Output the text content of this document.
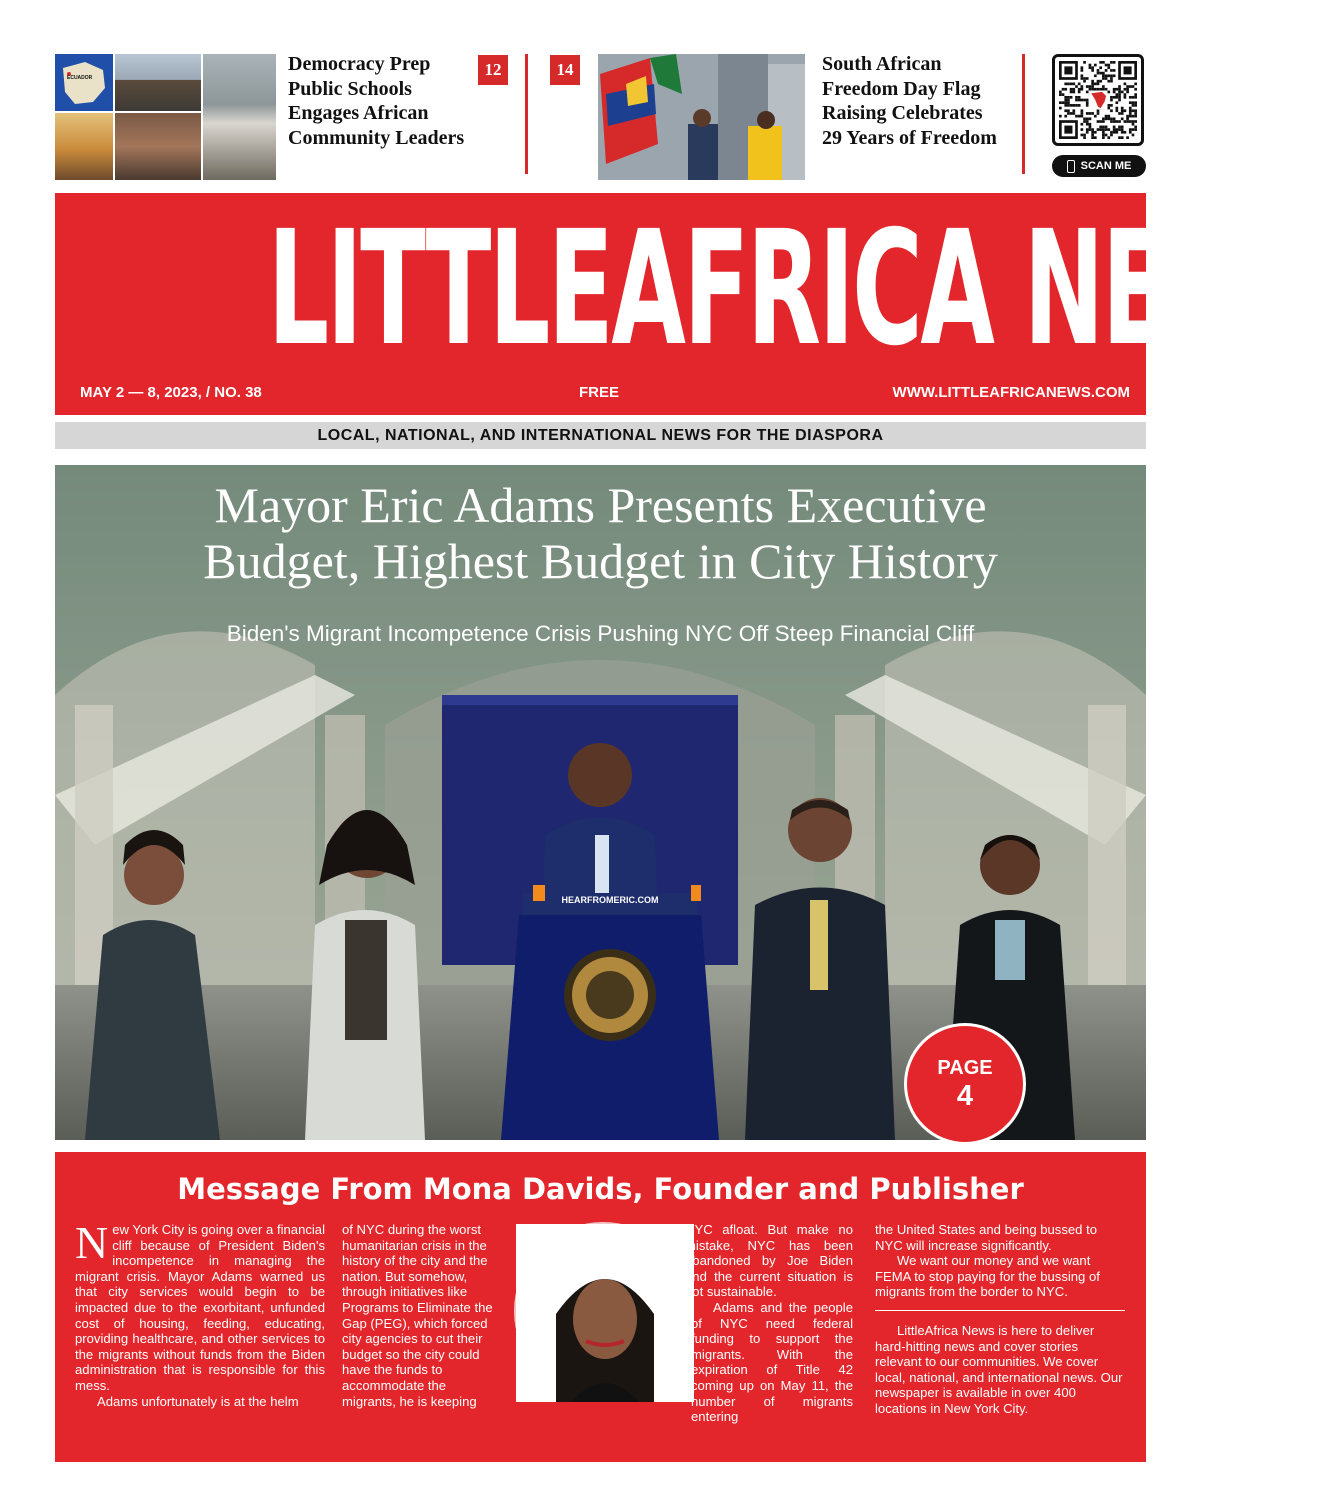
ECUADOR
Democracy Prep
Public Schools
Engages African
Community Leaders
12	14	South African
Freedom Day Flag
Raising Celebrates
29 Years of Freedom
SCAN ME
LITTLEAFRICA NEWS
MAY 2 — 8, 2023, / NO. 38	FREE	WWW.LITTLEAFRICANEWS.COM
LOCAL, NATIONAL, AND INTERNATIONAL NEWS FOR THE DIASPORA
HEARFROMERIC.COM
Mayor Eric Adams Presents Executive
Budget, Highest Budget in City History
Biden's Migrant Incompetence Crisis Pushing NYC Off Steep Financial Cliff
PAGE
4
Message From Mona Davids, Founder and Publisher

New York City is going over a financial cliff because of President Biden's incompetence in managing the migrant crisis. Mayor Adams warned us that city services would begin to be impacted due to the exorbitant, unfunded cost of housing, feeding, educating, providing healthcare, and other services to the migrants without funds from the Biden administration that is responsible for this mess.

Adams unfortunately is at the helm

of NYC during the worst humanitarian crisis in the history of the city and the nation. But somehow, through initiatives like Programs to Eliminate the Gap (PEG), which forced city agencies to cut their budget so the city could have the funds to accommodate the migrants, he is keeping

NYC afloat. But make no mistake, NYC has been abandoned by Joe Biden and the current situation is not sustainable.

Adams and the people of NYC need federal funding to support the migrants. With the expiration of Title 42 coming up on May 11, the number of migrants entering

the United States and being bussed to NYC will increase significantly.

We want our money and we want FEMA to stop paying for the bussing of migrants from the border to NYC.

LittleAfrica News is here to deliver hard-hitting news and cover stories relevant to our communities. We cover local, national, and international news. Our newspaper is available in over 400 locations in New York City.
